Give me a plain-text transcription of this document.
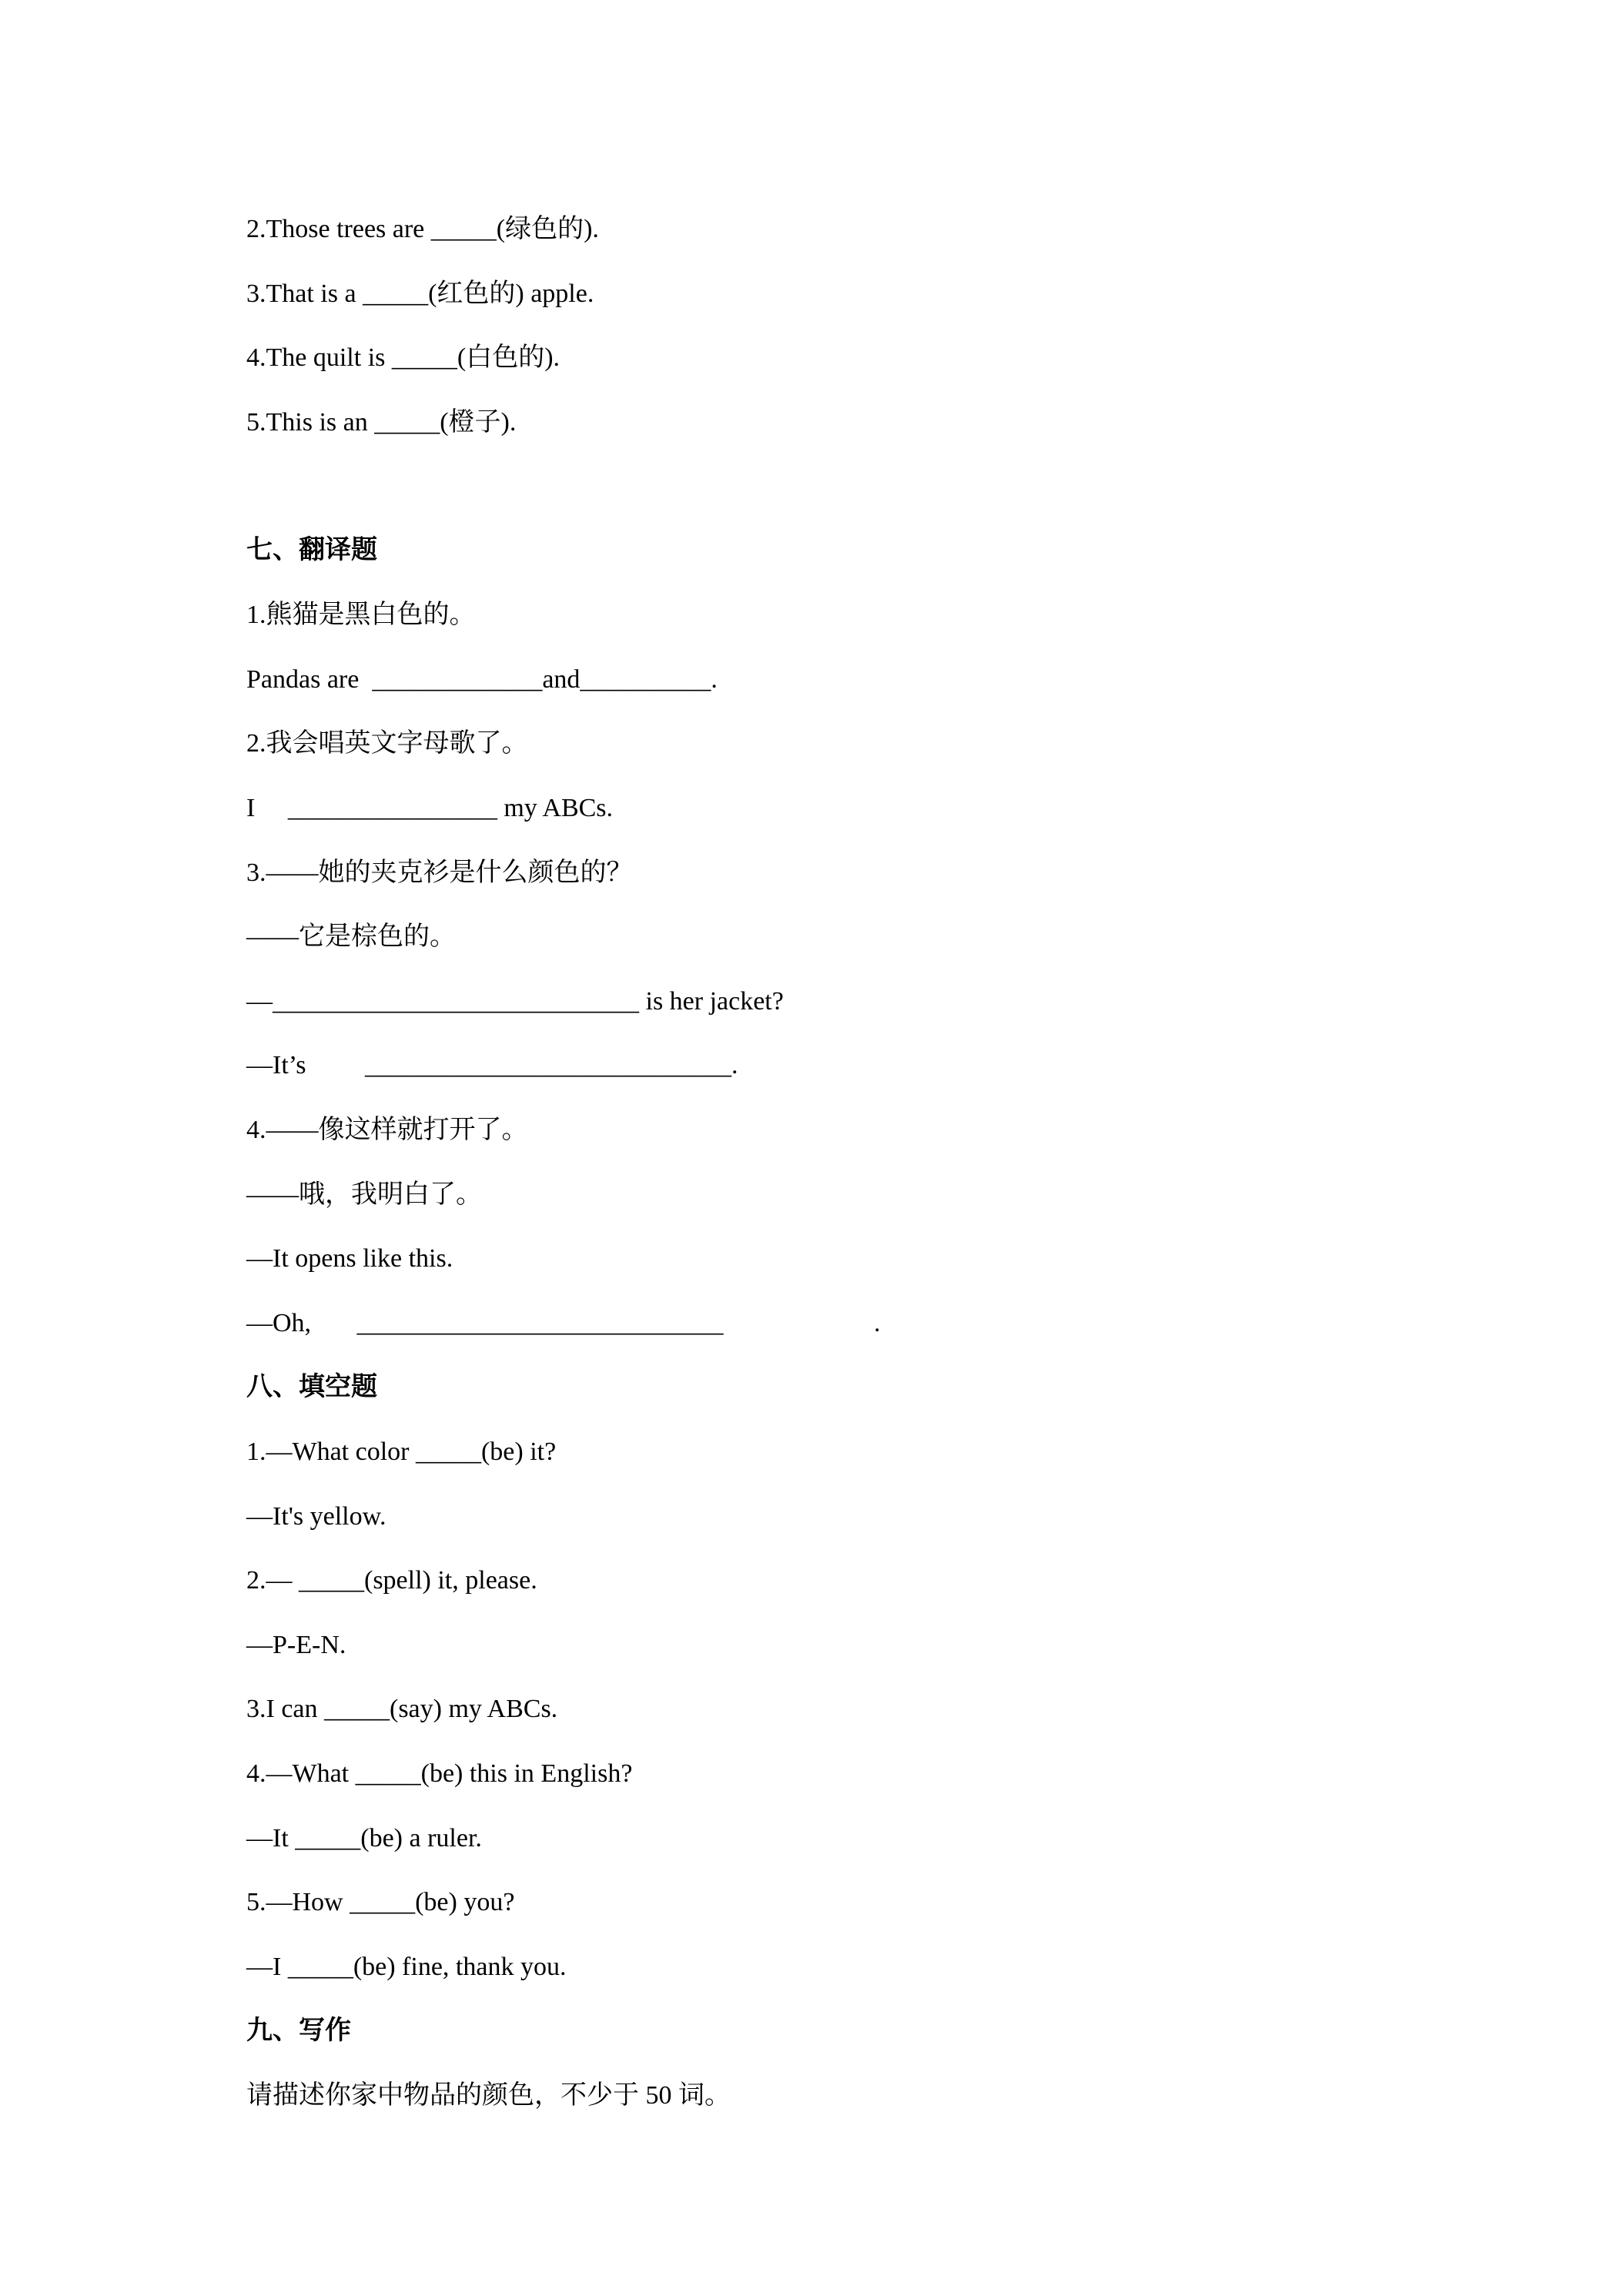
2.Those trees are _____(绿色的).

3.That is a _____(红色的) apple.

4.The quilt is _____(白色的).

5.This is an _____(橙子).

七、翻译题

1.熊猫是黑白色的。

Pandas are  _____________and__________.

2.我会唱英文字母歌了。

I     ________________ my ABCs.

3.——她的夹克衫是什么颜色的？

——它是棕色的。

—____________________________ is her jacket?

—It’s         ____________________________.

4.——像这样就打开了。

——哦，我明白了。

—It opens like this.

—Oh,       ____________________________                       .

八、填空题

1.—What color _____(be) it?

—It's yellow.

2.— _____(spell) it, please.

—P-E-N.

3.I can _____(say) my ABCs.

4.—What _____(be) this in English?

—It _____(be) a ruler.

5.—How _____(be) you?

—I _____(be) fine, thank you.

九、写作

请描述你家中物品的颜色，不少于 50 词。
